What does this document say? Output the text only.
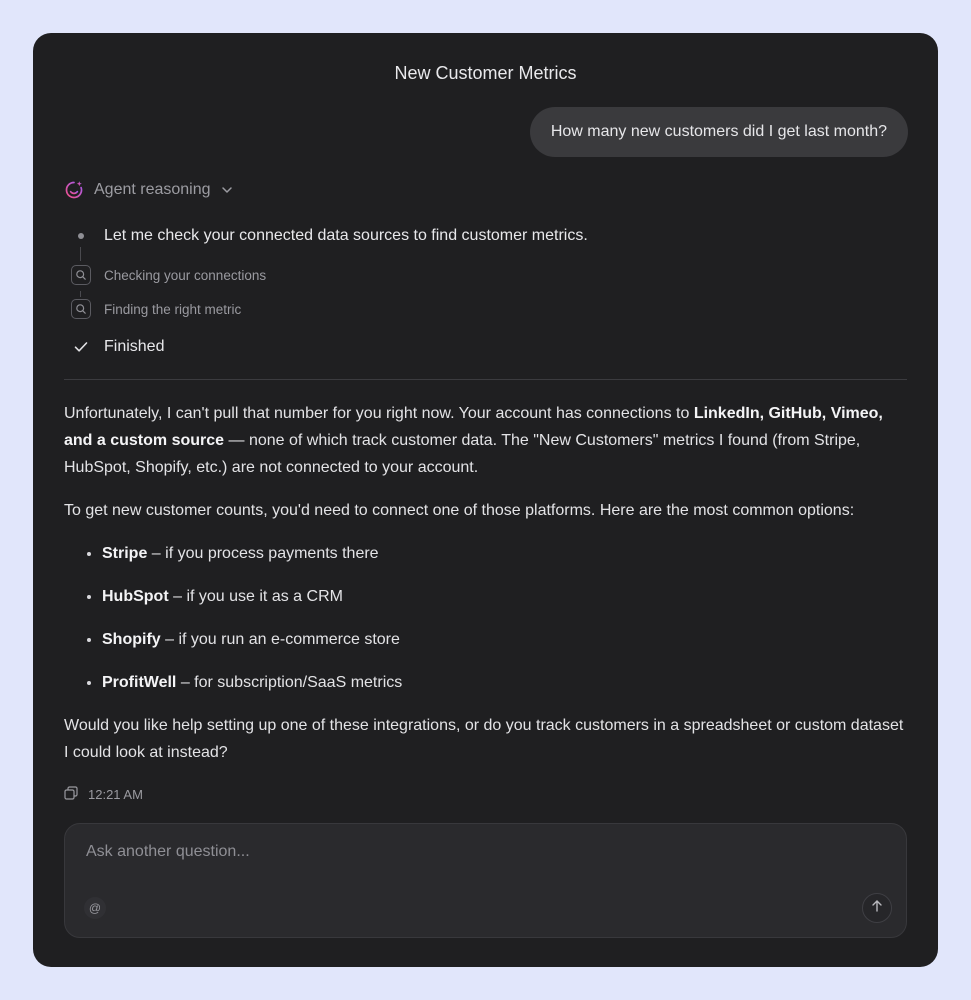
New Customer Metrics
How many new customers did I get last month?
Agent reasoning
Let me check your connected data sources to find customer metrics.
Checking your connections
Finding the right metric
Finished

Unfortunately, I can't pull that number for you right now. Your account has connections to LinkedIn, GitHub, Vimeo, and a custom source — none of which track customer data. The "New Customers" metrics I found (from Stripe, HubSpot, Shopify, etc.) are not connected to your account.

To get new customer counts, you'd need to connect one of those platforms. Here are the most common options:

Stripe – if you process payments there
HubSpot – if you use it as a CRM
Shopify – if you run an e-commerce store
ProfitWell – for subscription/SaaS metrics

Would you like help setting up one of these integrations, or do you track customers in a spreadsheet or custom dataset I could look at instead?

12:21 AM
Ask another question...
@
